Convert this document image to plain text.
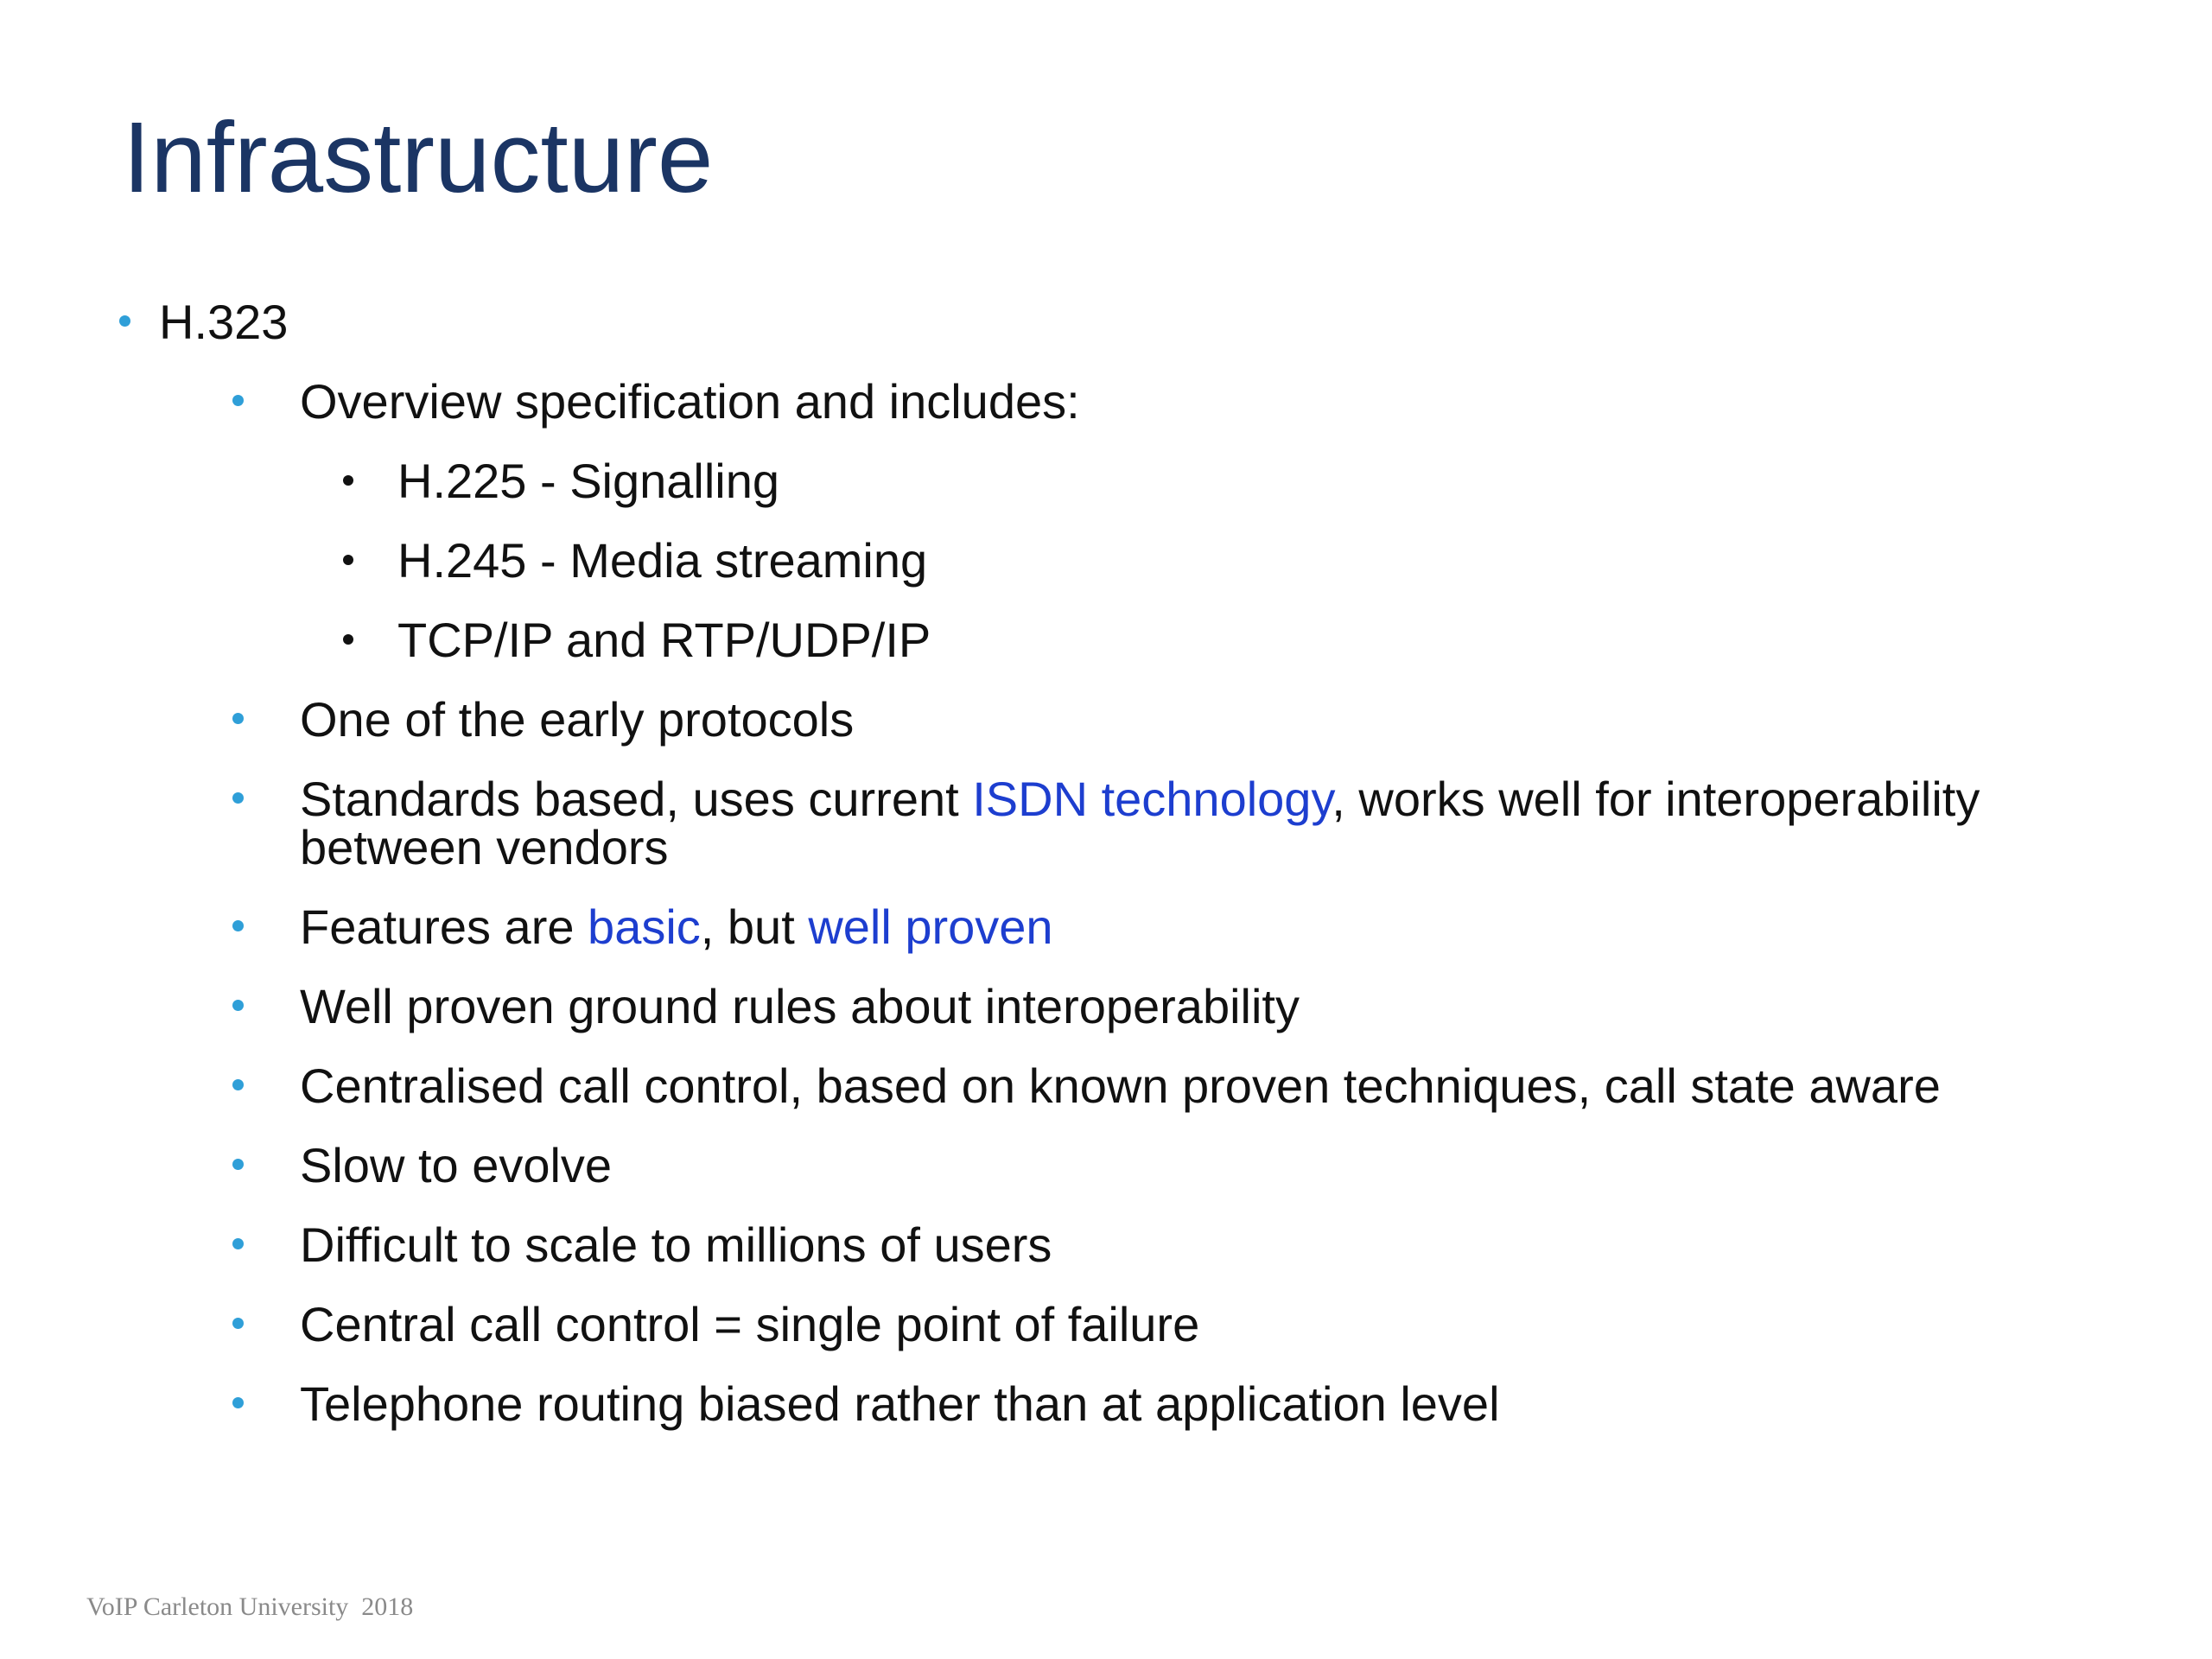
Infrastructure
H.323
Overview specification and includes:
H.225 - Signalling
H.245 - Media streaming
TCP/IP and RTP/UDP/IP
One of the early protocols
Standards based, uses current ISDN technology, works well for interoperability between vendors
Features are basic, but well proven
Well proven ground rules about interoperability
Centralised call control, based on known proven techniques, call state aware
Slow to evolve
Difficult to scale to millions of users
Central call control = single point of failure
Telephone routing biased rather than at application level
VoIP Carleton University  2018
